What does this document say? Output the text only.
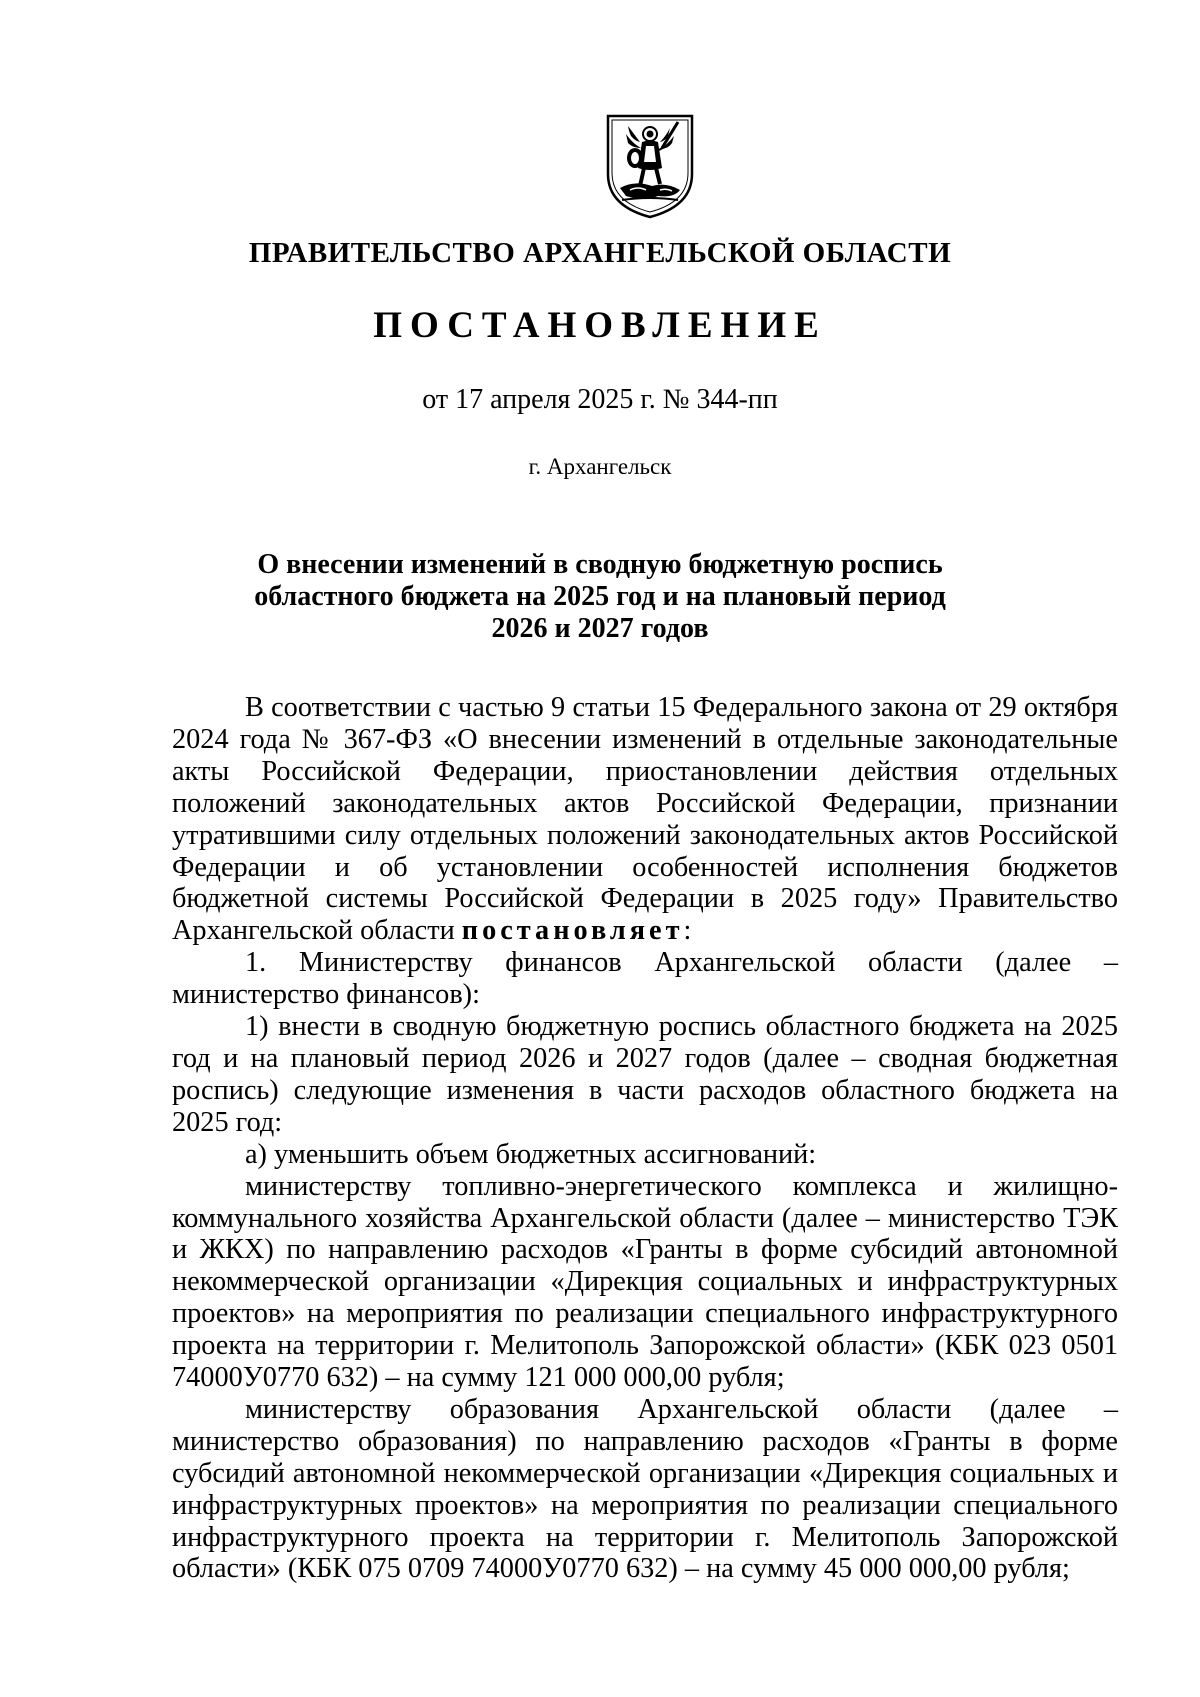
ПРАВИТЕЛЬСТВО АРХАНГЕЛЬСКОЙ ОБЛАСТИ
ПОСТАНОВЛЕНИЕ
от 17 апреля 2025 г. № 344-пп
г. Архангельск
О внесении изменений в сводную бюджетную роспись
областного бюджета на 2025 год и на плановый период
2026 и 2027 годов

В соответствии с частью 9 статьи 15 Федерального закона от 29 октября 2024 года № 367-ФЗ «О внесении изменений в отдельные законодательные акты Российской Федерации, приостановлении действия отдельных положений законодательных актов Российской Федерации, признании утратившими силу отдельных положений законодательных актов Российской Федерации и об установлении особенностей исполнения бюджетов бюджетной системы Российской Федерации в 2025 году» Правительство Архангельской области постановляет:

1. Министерству финансов Архангельской области (далее – министерство финансов):

1) внести в сводную бюджетную роспись областного бюджета на 2025 год и на плановый период 2026 и 2027 годов (далее – сводная бюджетная роспись) следующие изменения в части расходов областного бюджета на 2025 год:

а) уменьшить объем бюджетных ассигнований:

министерству топливно-энергетического комплекса и жилищно-коммунального хозяйства Архангельской области (далее – министерство ТЭК и ЖКХ) по направлению расходов «Гранты в форме субсидий автономной некоммерческой организации «Дирекция социальных и инфраструктурных проектов» на мероприятия по реализации специального инфраструктурного проекта на территории г. Мелитополь Запорожской области» (КБК 023 0501 74000У0770 632) – на сумму 121 000 000,00 рубля;

министерству образования Архангельской области (далее – министерство образования) по направлению расходов «Гранты в форме субсидий автономной некоммерческой организации «Дирекция социальных и инфраструктурных проектов» на мероприятия по реализации специального инфраструктурного проекта на территории г. Мелитополь Запорожской области» (КБК 075 0709 74000У0770 632) – на сумму 45 000 000,00 рубля;
